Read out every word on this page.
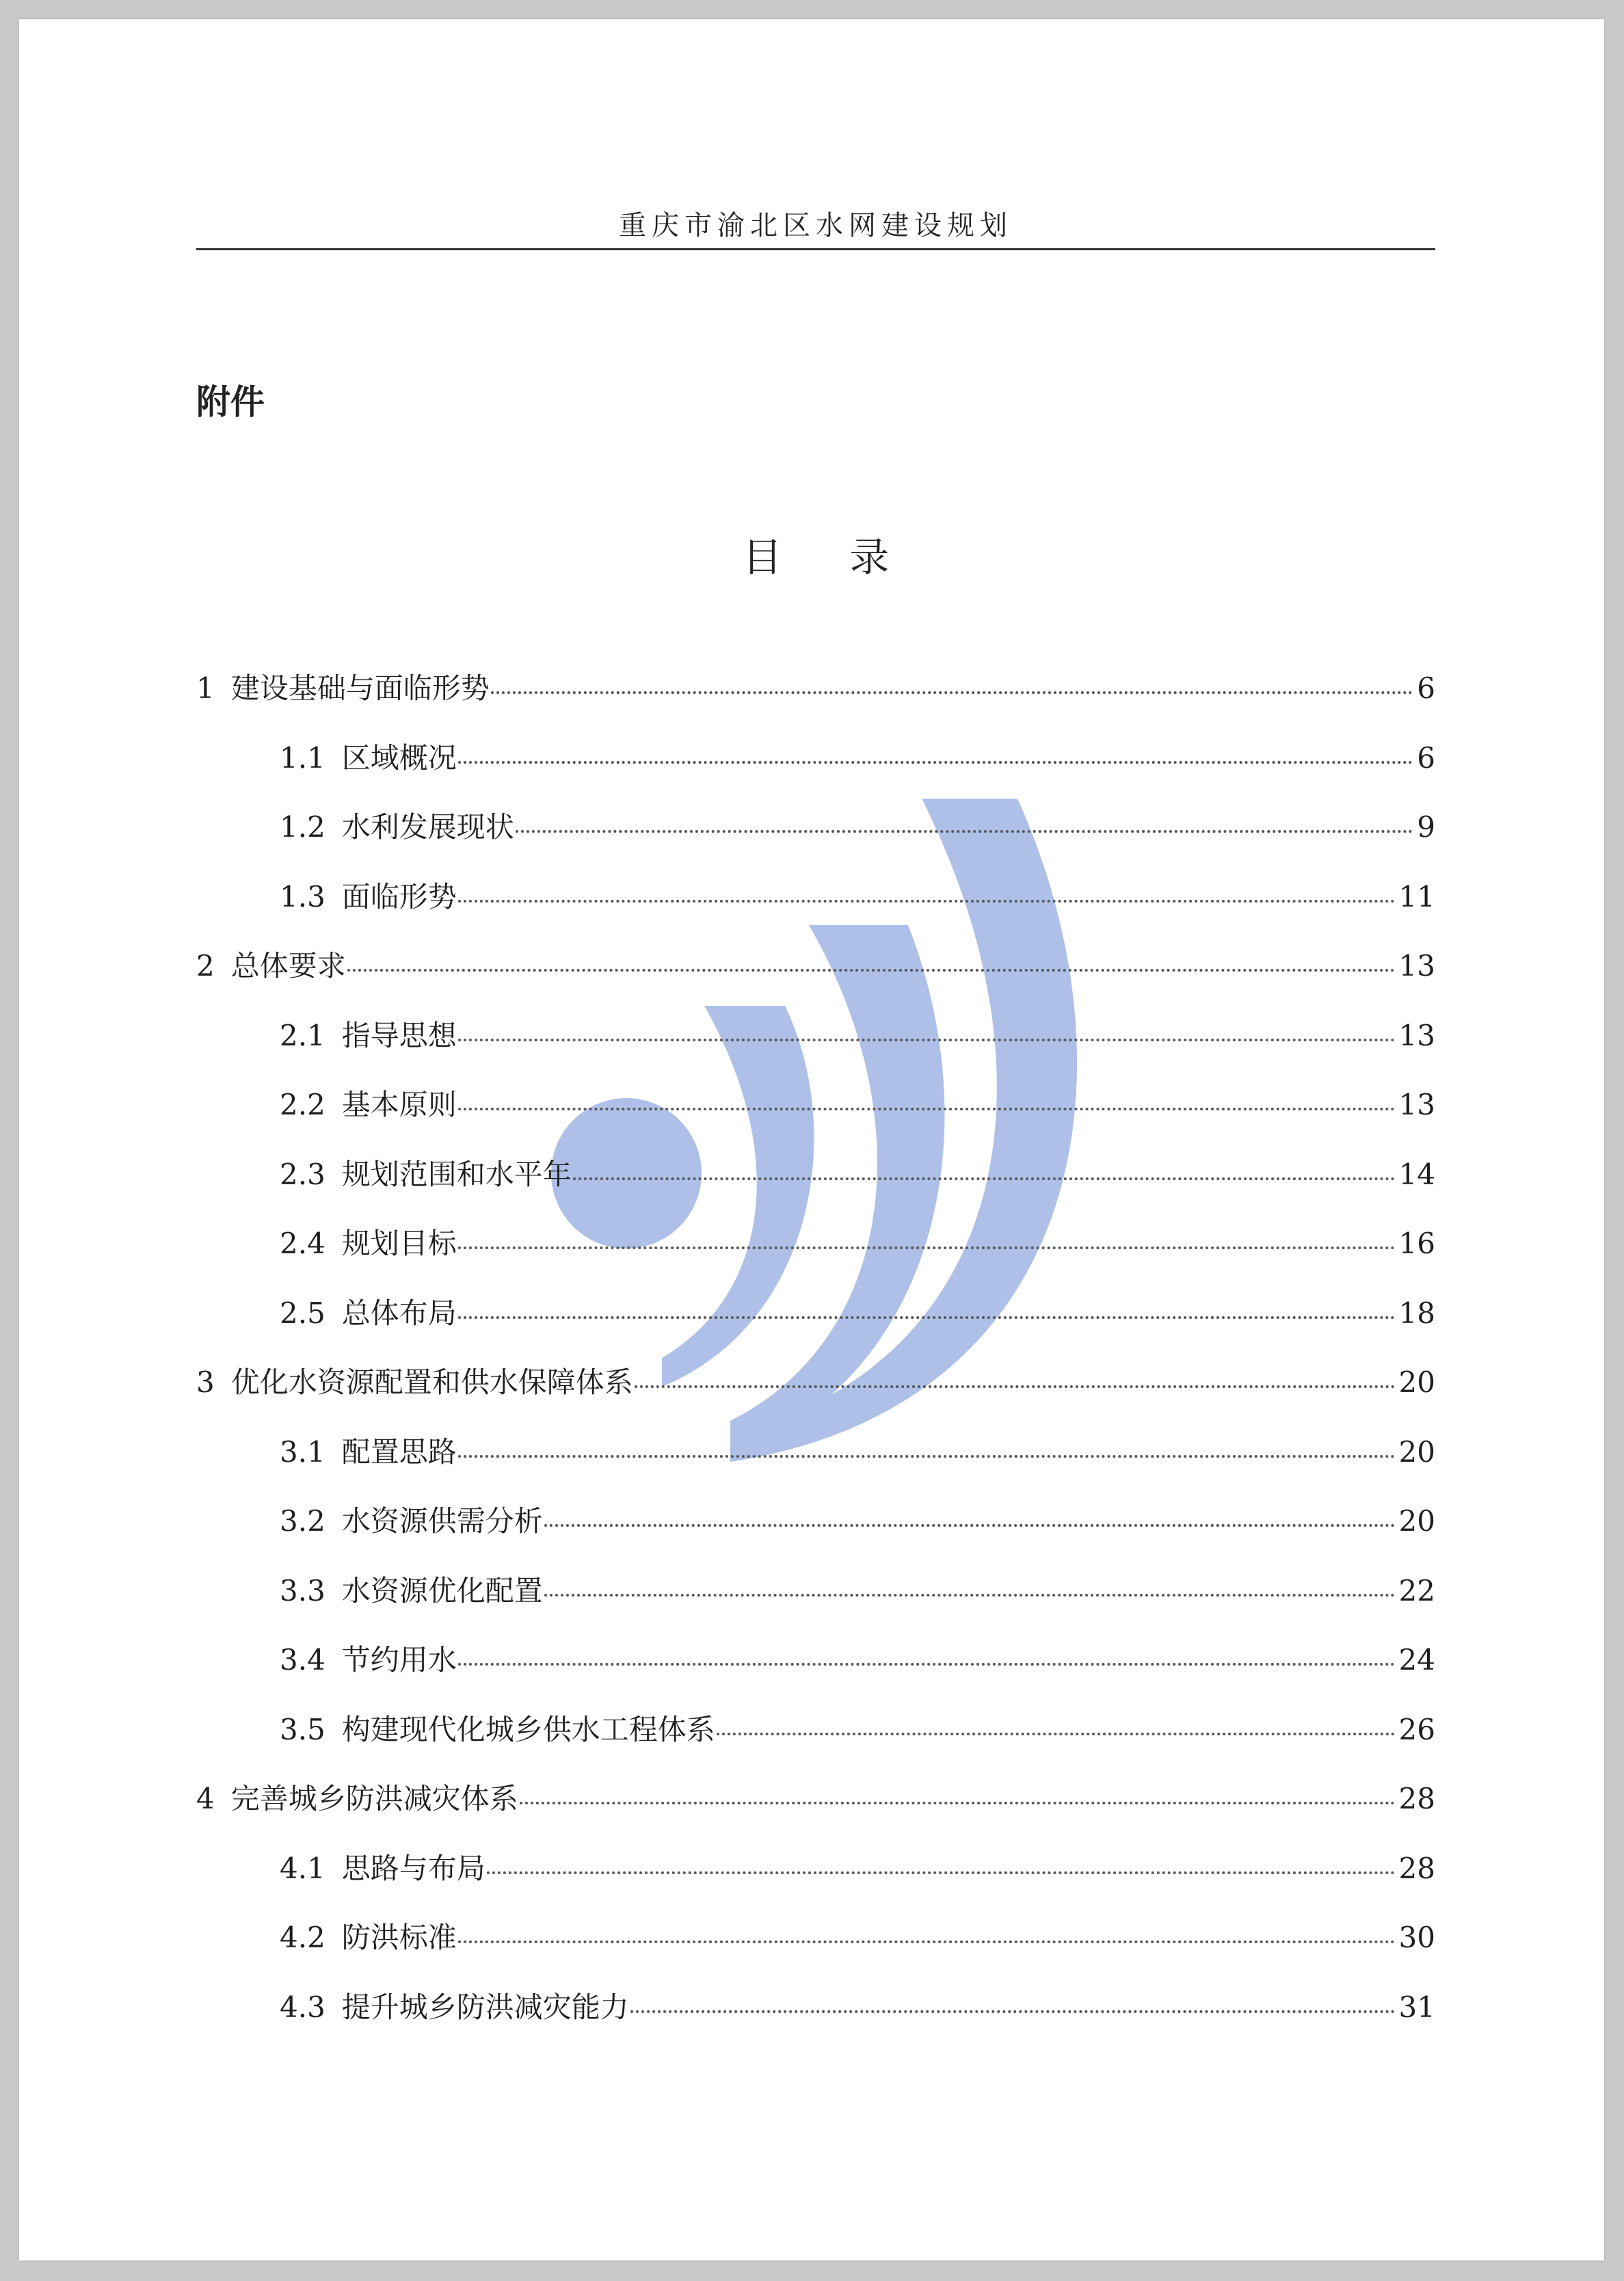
重庆市渝北区水网建设规划
附件
目 录
1 建设基础与面临形势	6
1.1 区域概况	6
1.2 水利发展现状	9
1.3 面临形势	11
2 总体要求	13
2.1 指导思想	13
2.2 基本原则	13
2.3 规划范围和水平年	14
2.4 规划目标	16
2.5 总体布局	18
3 优化水资源配置和供水保障体系	20
3.1 配置思路	20
3.2 水资源供需分析	20
3.3 水资源优化配置	22
3.4 节约用水	24
3.5 构建现代化城乡供水工程体系	26
4 完善城乡防洪减灾体系	28
4.1 思路与布局	28
4.2 防洪标准	30
4.3 提升城乡防洪减灾能力	31
